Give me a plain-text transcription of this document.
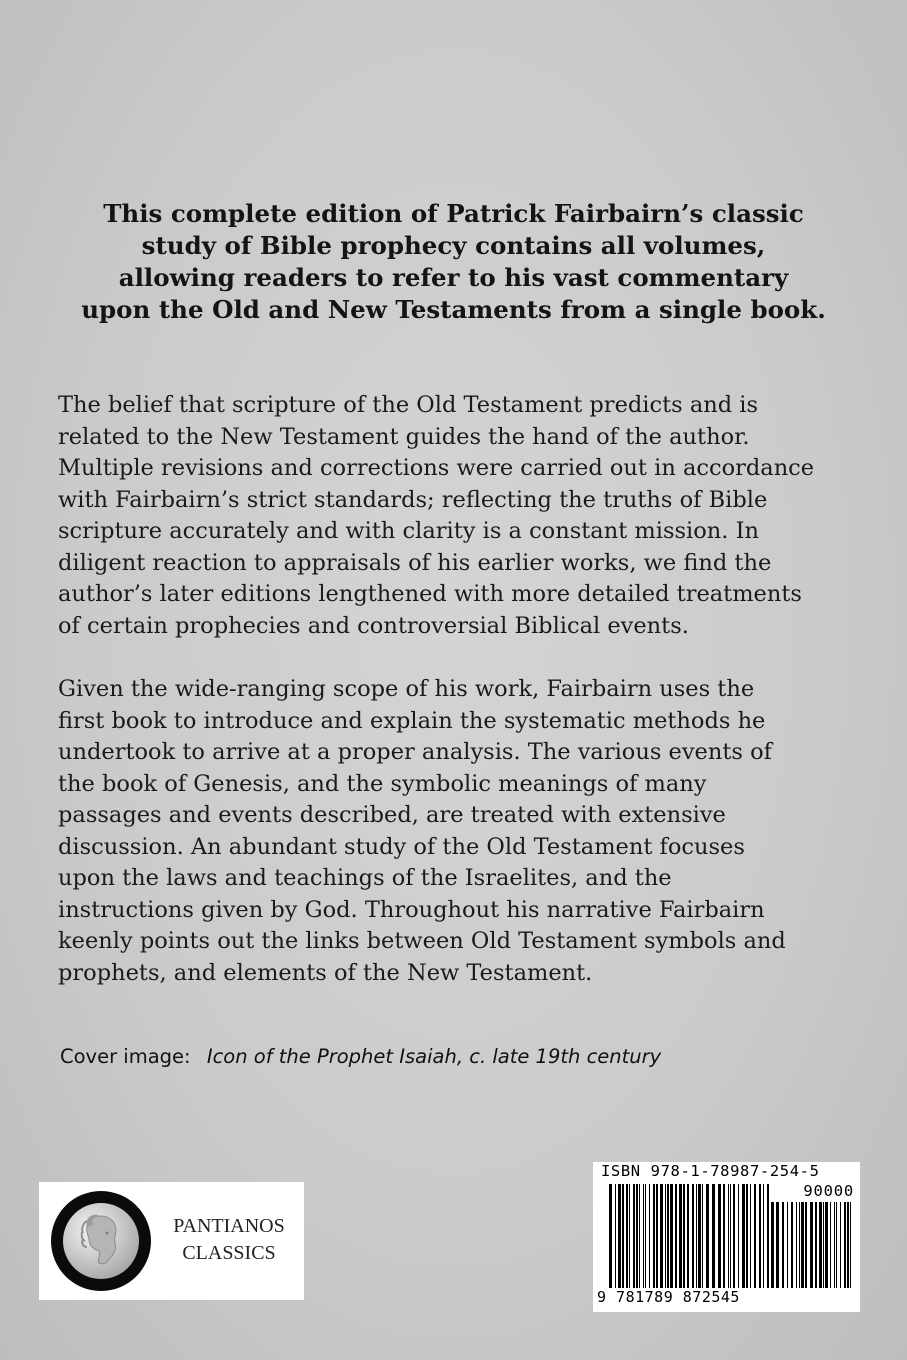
This complete edition of Patrick Fairbairn’s classic
study of Bible prophecy contains all volumes,
allowing readers to refer to his vast commentary
upon the Old and New Testaments from a single book.
The belief that scripture of the Old Testament predicts and is
related to the New Testament guides the hand of the author.
Multiple revisions and corrections were carried out in accordance
with Fairbairn’s strict standards; reflecting the truths of Bible
scripture accurately and with clarity is a constant mission. In
diligent reaction to appraisals of his earlier works, we find the
author’s later editions lengthened with more detailed treatments
of certain prophecies and controversial Biblical events.
Given the wide-ranging scope of his work, Fairbairn uses the
first book to introduce and explain the systematic methods he
undertook to arrive at a proper analysis. The various events of
the book of Genesis, and the symbolic meanings of many
passages and events described, are treated with extensive
discussion. An abundant study of the Old Testament focuses
upon the laws and teachings of the Israelites, and the
instructions given by God. Throughout his narrative Fairbairn
keenly points out the links between Old Testament symbols and
prophets, and elements of the New Testament.
Cover image: Icon of the Prophet Isaiah, c. late 19th century
PANTIANOS
CLASSICS
ISBN 978-1-78987-254-5
90000
9 781789 872545
